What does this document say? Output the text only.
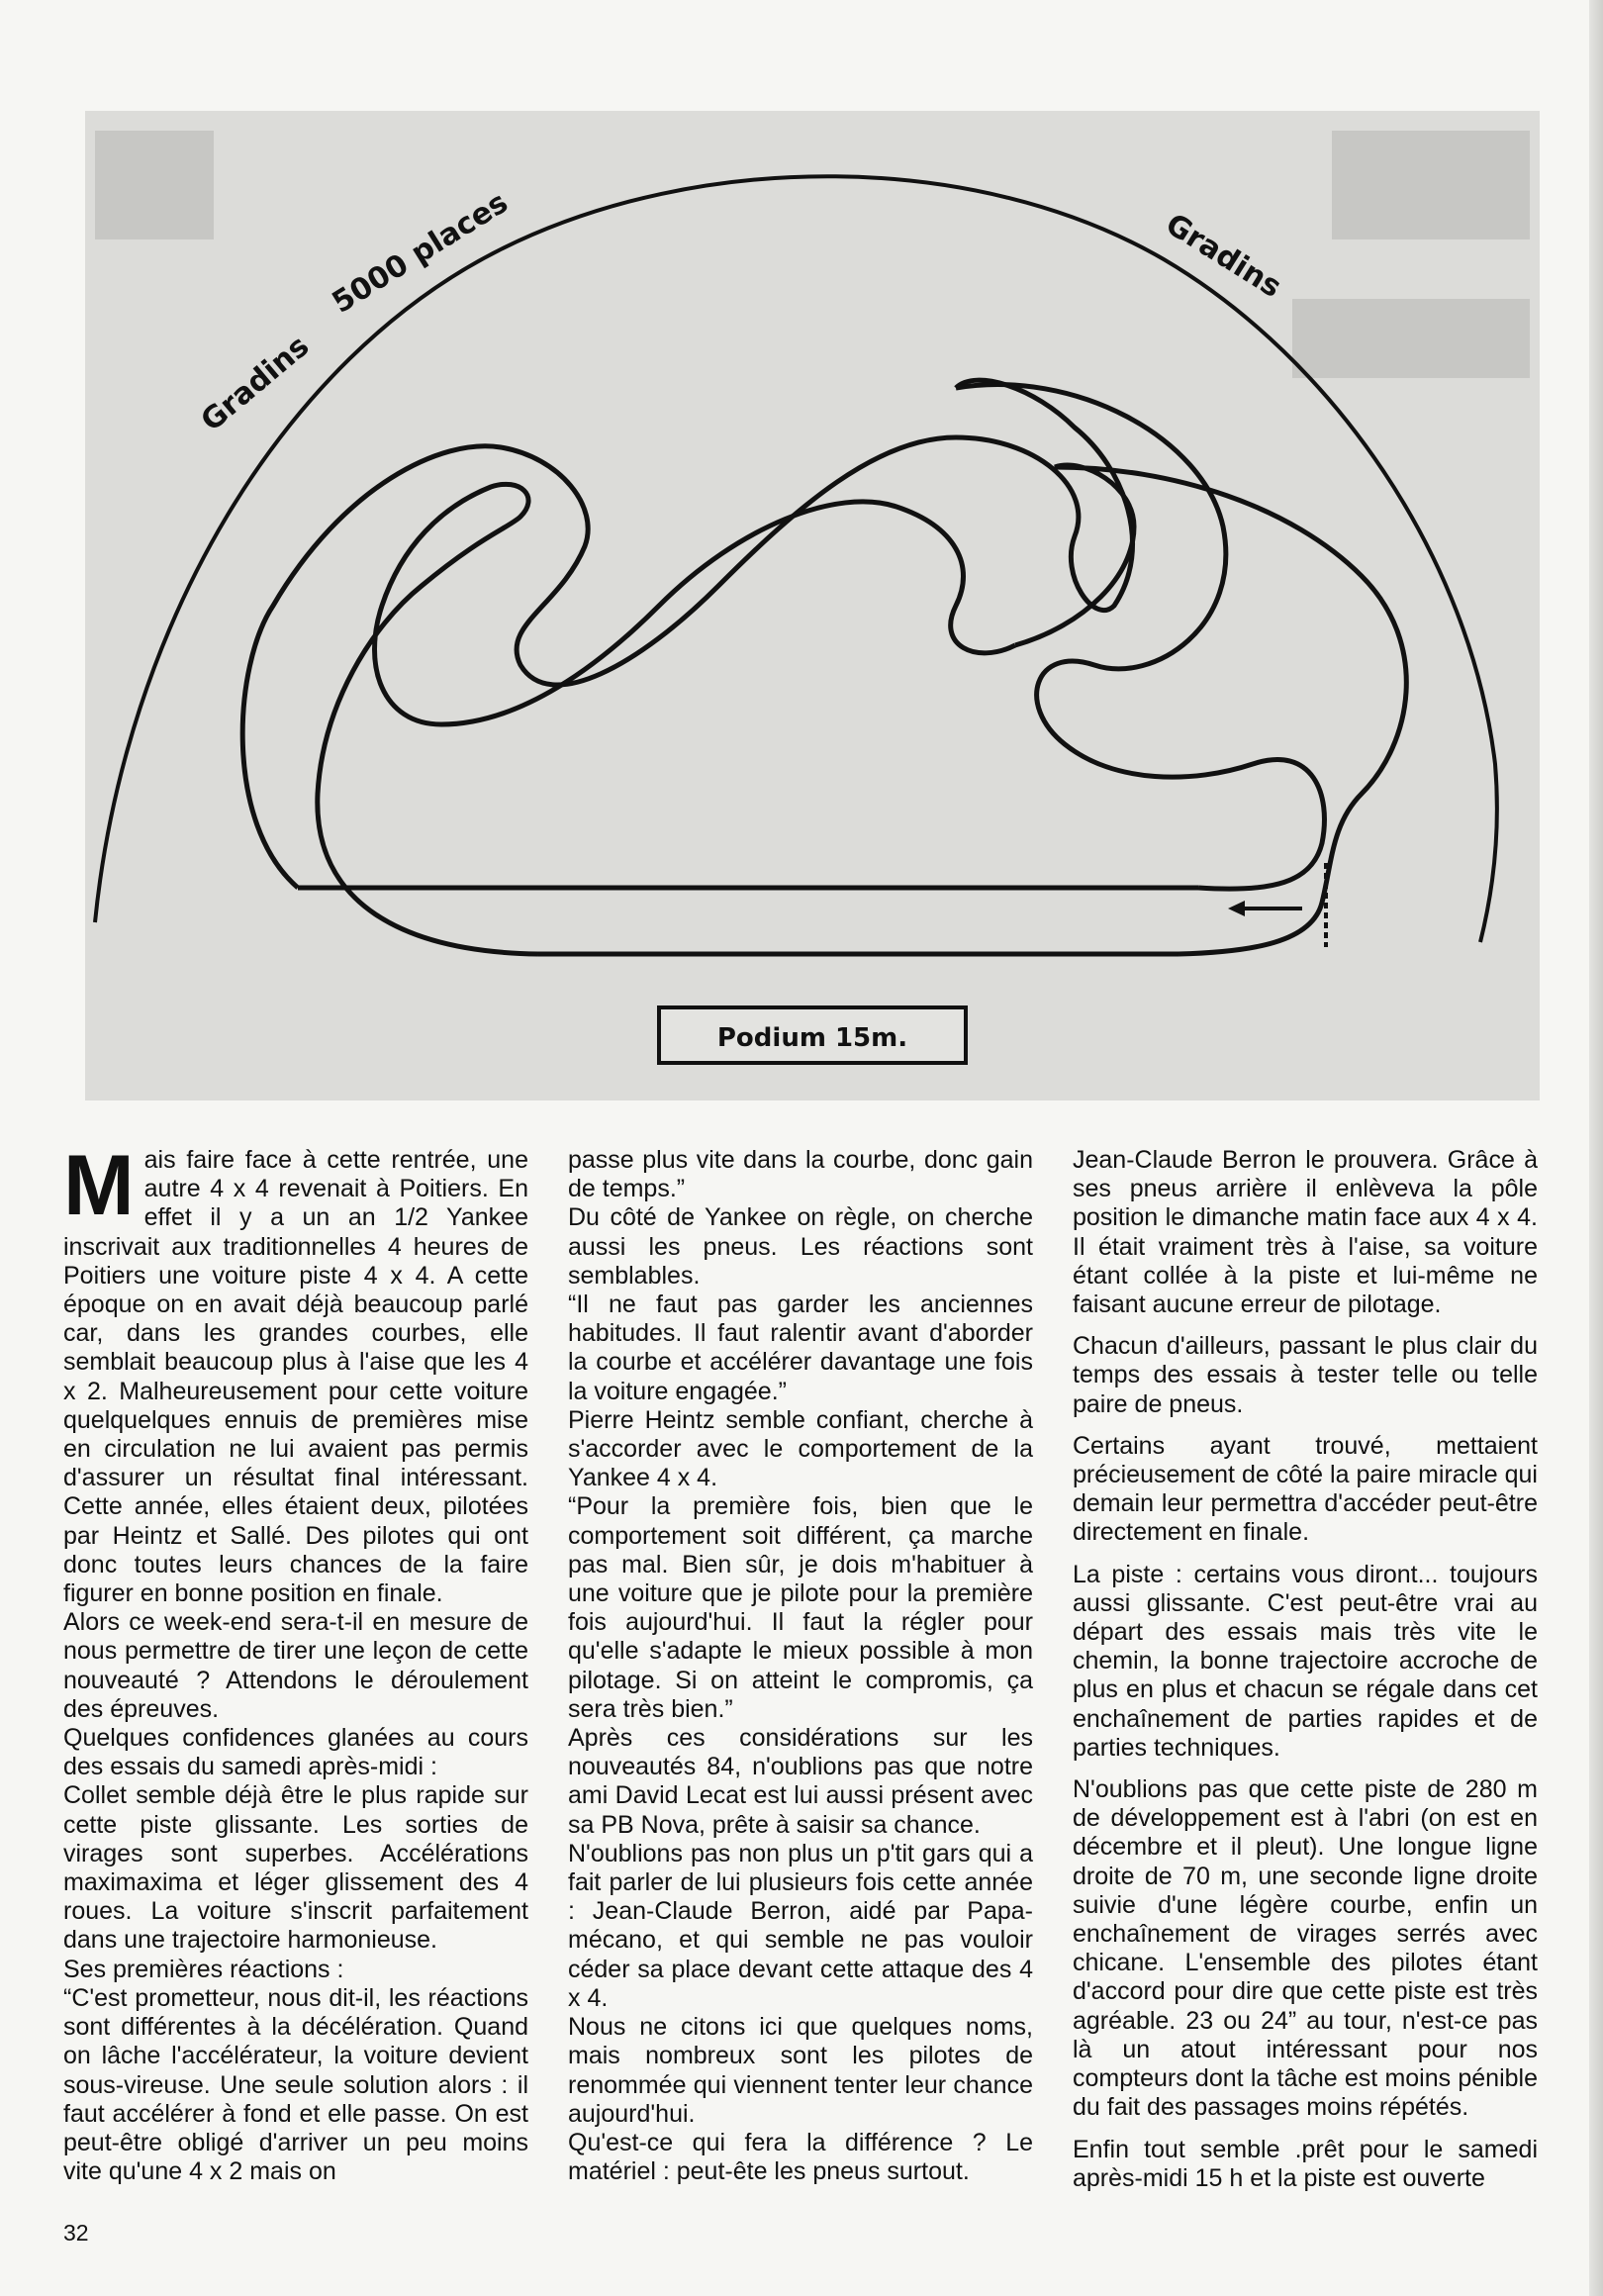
Podium 15m.
Gradins
5000 places	Gradins

Mais faire face à cette rentrée, une autre 4 x 4 revenait à Poitiers. En effet il y a un an 1/2 Yankee inscrivait aux traditionnelles 4 heures de Poitiers une voiture piste 4 x 4. A cette époque on en avait déjà beaucoup parlé car, dans les grandes courbes, elle semblait beaucoup plus à l'aise que les 4 x 2. Malheureusement pour cette voiture quelquelques ennuis de premières mise en circulation ne lui avaient pas permis d'assurer un résultat final intéressant. Cette année, elles étaient deux, pilotées par Heintz et Sallé. Des pilotes qui ont donc toutes leurs chances de la faire figurer en bonne position en finale.

Alors ce week-end sera-t-il en mesure de nous permettre de tirer une leçon de cette nouveauté ? Attendons le déroulement des épreuves.

Quelques confidences glanées au cours des essais du samedi après-midi :

Collet semble déjà être le plus rapide sur cette piste glissante. Les sorties de virages sont superbes. Accélérations maximaxima et léger glissement des 4 roues. La voiture s'inscrit parfaitement dans une trajectoire harmonieuse.

Ses premières réactions :

“C'est prometteur, nous dit-il, les réactions sont différentes à la décélération. Quand on lâche l'accélérateur, la voiture devient sous-vireuse. Une seule solution alors : il faut accélérer à fond et elle passe. On est peut-être obligé d'arriver un peu moins vite qu'une 4 x 2 mais on

passe plus vite dans la courbe, donc gain de temps.”

Du côté de Yankee on règle, on cherche aussi les pneus. Les réactions sont semblables.

“Il ne faut pas garder les anciennes habitudes. Il faut ralentir avant d'aborder la courbe et accélérer davantage une fois la voiture engagée.”

Pierre Heintz semble confiant, cherche à s'accorder avec le comportement de la Yankee 4 x 4.

“Pour la première fois, bien que le comportement soit différent, ça marche pas mal. Bien sûr, je dois m'habituer à une voiture que je pilote pour la première fois aujourd'hui. Il faut la régler pour qu'elle s'adapte le mieux possible à mon pilotage. Si on atteint le compromis, ça sera très bien.”

Après ces considérations sur les nouveautés 84, n'oublions pas que notre ami David Lecat est lui aussi présent avec sa PB Nova, prête à saisir sa chance.

N'oublions pas non plus un p'tit gars qui a fait parler de lui plusieurs fois cette année : Jean-Claude Berron, aidé par Papa-mécano, et qui semble ne pas vouloir céder sa place devant cette attaque des 4 x 4.

Nous ne citons ici que quelques noms, mais nombreux sont les pilotes de renommée qui viennent tenter leur chance aujourd'hui.

Qu'est-ce qui fera la différence ? Le matériel : peut-ête les pneus surtout.

Jean-Claude Berron le prouvera. Grâce à ses pneus arrière il enlèveva la pôle position le dimanche matin face aux 4 x 4. Il était vraiment très à l'aise, sa voiture étant collée à la piste et lui-même ne faisant aucune erreur de pilotage.

Chacun d'ailleurs, passant le plus clair du temps des essais à tester telle ou telle paire de pneus.

Certains ayant trouvé, mettaient précieusement de côté la paire miracle qui demain leur permettra d'accéder peut-être directement en finale.

La piste : certains vous diront... toujours aussi glissante. C'est peut-être vrai au départ des essais mais très vite le chemin, la bonne trajectoire accroche de plus en plus et chacun se régale dans cet enchaînement de parties rapides et de parties techniques.

N'oublions pas que cette piste de 280 m de développement est à l'abri (on est en décembre et il pleut). Une longue ligne droite de 70 m, une seconde ligne droite suivie d'une légère courbe, enfin un enchaînement de virages serrés avec chicane. L'ensemble des pilotes étant d'accord pour dire que cette piste est très agréable. 23 ou 24” au tour, n'est-ce pas là un atout intéressant pour nos compteurs dont la tâche est moins pénible du fait des passages moins répétés.

Enfin tout semble .prêt pour le samedi après-midi 15 h et la piste est ouverte

32
